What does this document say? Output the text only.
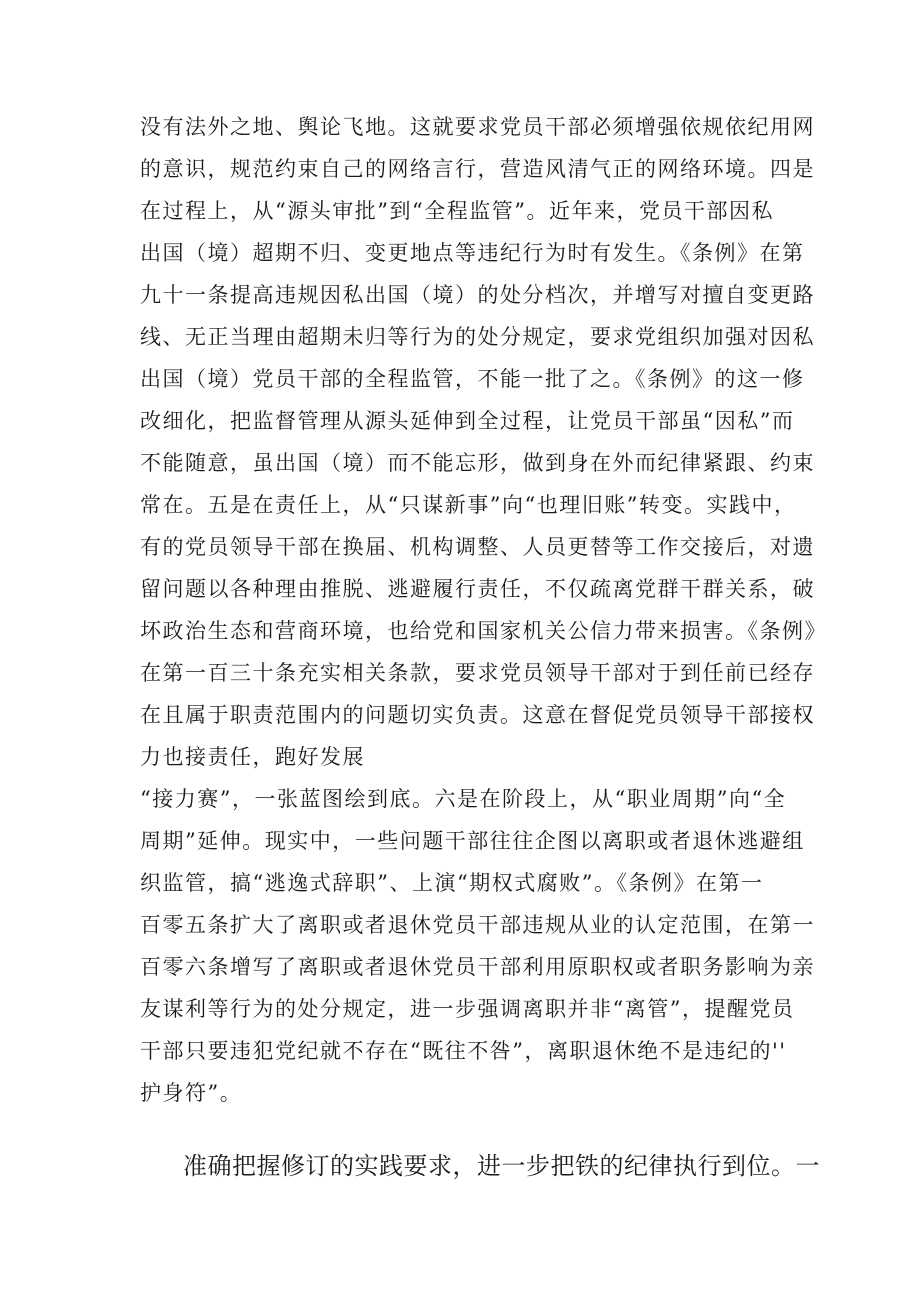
没有法外之地、舆论飞地。这就要求党员干部必须增强依规依纪用网

的意识，规范约束自己的网络言行，营造风清气正的网络环境。四是

在过程上，从“源头审批”到“全程监管”。近年来，党员干部因私

出国（境）超期不归、变更地点等违纪行为时有发生。《条例》在第

九十一条提高违规因私出国（境）的处分档次，并增写对擅自变更路

线、无正当理由超期未归等行为的处分规定，要求党组织加强对因私

出国（境）党员干部的全程监管，不能一批了之。《条例》的这一修

改细化，把监督管理从源头延伸到全过程，让党员干部虽“因私”而

不能随意，虽出国（境）而不能忘形，做到身在外而纪律紧跟、约束

常在。五是在责任上，从“只谋新事”向“也理旧账”转变。实践中，

有的党员领导干部在换届、机构调整、人员更替等工作交接后，对遗

留问题以各种理由推脱、逃避履行责任，不仅疏离党群干群关系，破

坏政治生态和营商环境，也给党和国家机关公信力带来损害。《条例》

在第一百三十条充实相关条款，要求党员领导干部对于到任前已经存

在且属于职责范围内的问题切实负责。这意在督促党员领导干部接权

力也接责任，跑好发展

“接力赛”，一张蓝图绘到底。六是在阶段上，从“职业周期”向“全

周期”延伸。现实中，一些问题干部往往企图以离职或者退休逃避组

织监管，搞“逃逸式辞职”、上演“期权式腐败”。《条例》在第一

百零五条扩大了离职或者退休党员干部违规从业的认定范围，在第一

百零六条增写了离职或者退休党员干部利用原职权或者职务影响为亲

友谋利等行为的处分规定，进一步强调离职并非“离管”，提醒党员

干部只要违犯党纪就不存在“既往不咎”，离职退休绝不是违纪的''

护身符”。

准确把握修订的实践要求，进一步把铁的纪律执行到位。一
